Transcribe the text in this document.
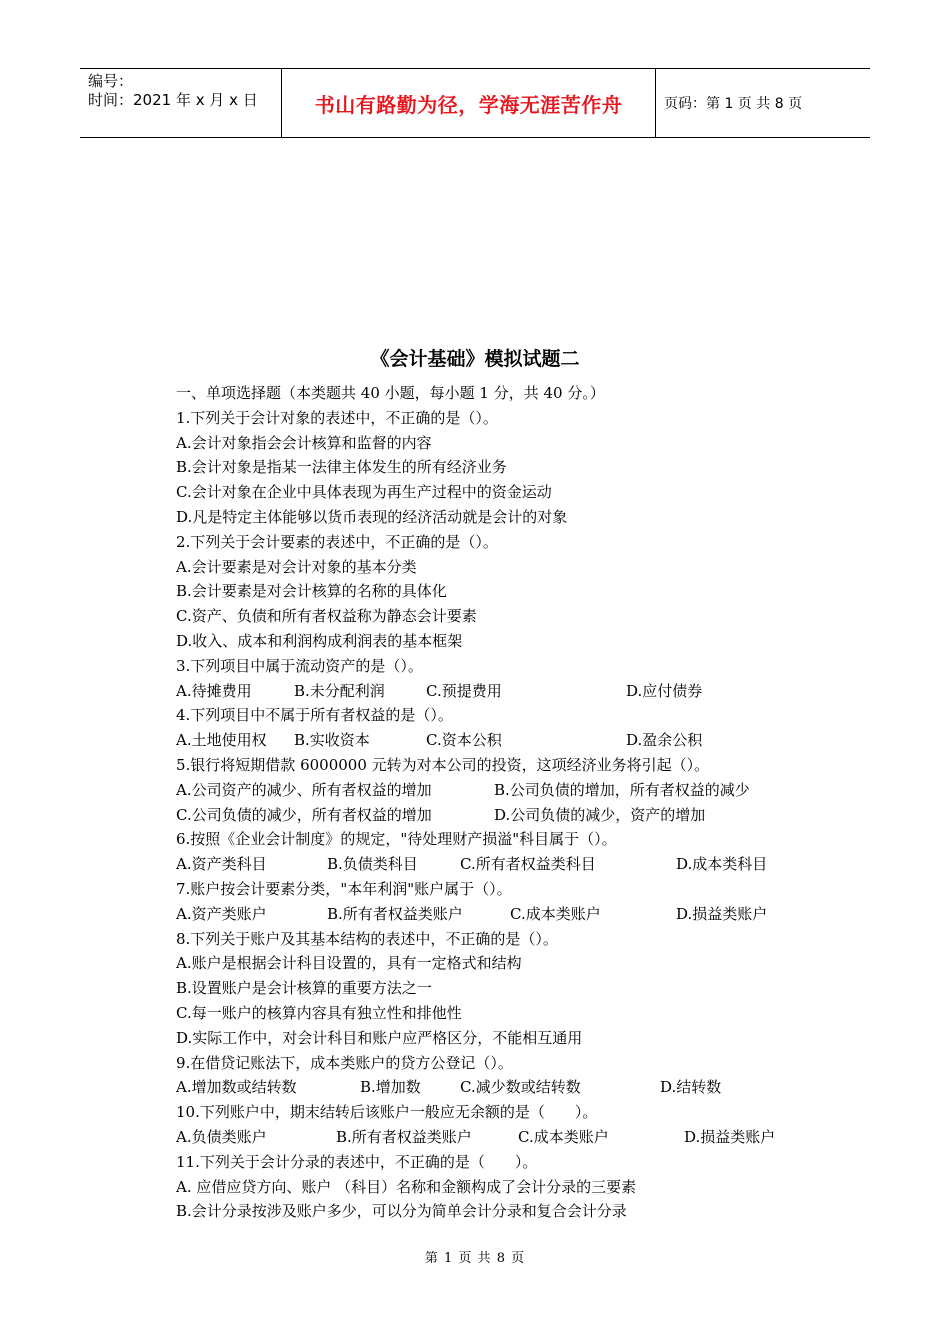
编号：
时间：2021 年 x 月 x 日	书山有路勤为径，学海无涯苦作舟	页码：第 1 页 共 8 页
《会计基础》模拟试题二
一、单项选择题（本类题共 40 小题，每小题 1 分，共 40 分。）
1.下列关于会计对象的表述中，不正确的是（）。
A.会计对象指会会计核算和监督的内容
B.会计对象是指某一法律主体发生的所有经济业务
C.会计对象在企业中具体表现为再生产过程中的资金运动
D.凡是特定主体能够以货币表现的经济活动就是会计的对象
2.下列关于会计要素的表述中，不正确的是（）。
A.会计要素是对会计对象的基本分类
B.会计要素是对会计核算的名称的具体化
C.资产、负债和所有者权益称为静态会计要素
D.收入、成本和利润构成利润表的基本框架
3.下列项目中属于流动资产的是（）。
A.待摊费用	B.未分配利润	C.预提费用	D.应付债券
4.下列项目中不属于所有者权益的是（）。
A.土地使用权 B.实收资本	C.资本公积	D.盈余公积
5.银行将短期借款 6000000 元转为对本公司的投资，这项经济业务将引起（）。
A.公司资产的减少、所有者权益的增加	B.公司负债的增加，所有者权益的减少
C.公司负债的减少，所有者权益的增加	D.公司负债的减少，资产的增加
6.按照《企业会计制度》的规定，"待处理财产损溢"科目属于（）。
A.资产类科目	B.负债类科目	C.所有者权益类科目	D.成本类科目
7.账户按会计要素分类，"本年利润"账户属于（）。
A.资产类账户	B.所有者权益类账户	C.成本类账户	D.损益类账户
8.下列关于账户及其基本结构的表述中，不正确的是（）。
A.账户是根据会计科目设置的，具有一定格式和结构
B.设置账户是会计核算的重要方法之一
C.每一账户的核算内容具有独立性和排他性
D.实际工作中，对会计科目和账户应严格区分，不能相互通用
9.在借贷记账法下，成本类账户的贷方公登记（）。
A.增加数或结转数	B.增加数	C.减少数或结转数	D.结转数
10.下列账户中，期末结转后该账户一般应无余额的是（　　）。
A.负债类账户	B.所有者权益类账户	C.成本类账户	D.损益类账户
11.下列关于会计分录的表述中，不正确的是（　　）。
A. 应借应贷方向、账户 （科目）名称和金额构成了会计分录的三要素
B.会计分录按涉及账户多少，可以分为简单会计分录和复合会计分录
第 1 页 共 8 页
